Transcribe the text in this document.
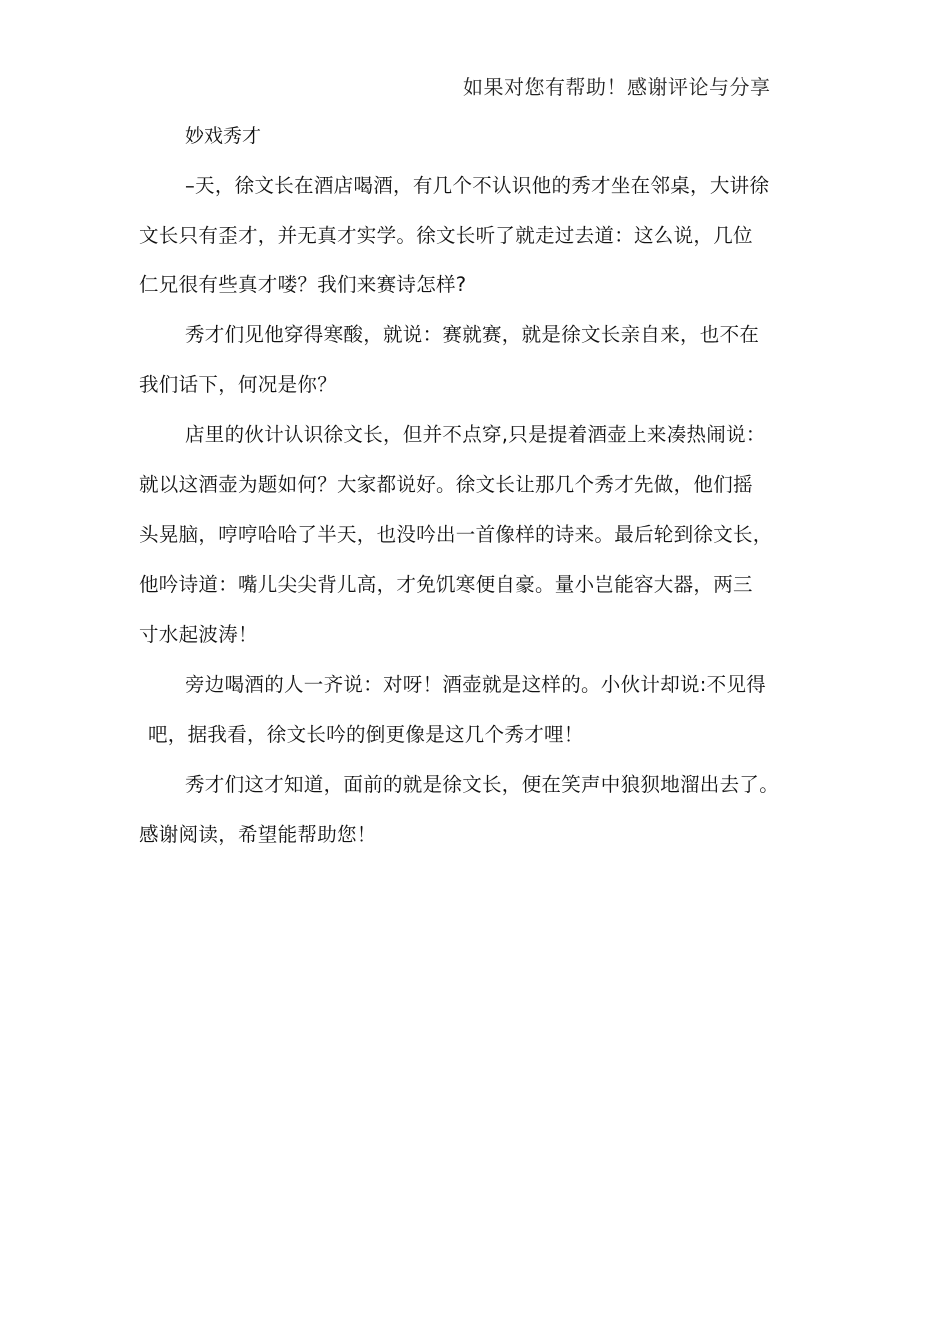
如果对您有帮助！感谢评论与分享
妙戏秀才
–天，徐文长在酒店喝酒，有几个不认识他的秀才坐在邻桌，大讲徐
文长只有歪才，并无真才实学。徐文长听了就走过去道：这么说，几位
仁兄很有些真才喽？我们来赛诗怎样?
秀才们见他穿得寒酸，就说：赛就赛，就是徐文长亲自来，也不在
我们话下，何况是你？
店里的伙计认识徐文长，但并不点穿,只是提着酒壶上来凑热闹说：
就以这酒壶为题如何？大家都说好。徐文长让那几个秀才先做，他们摇
头晃脑，哼哼哈哈了半天，也没吟出一首像样的诗来。最后轮到徐文长，
他吟诗道：嘴儿尖尖背儿高，才免饥寒便自豪。量小岂能容大器，两三
寸水起波涛！
旁边喝酒的人一齐说：对呀！酒壶就是这样的。小伙计却说:不见得
吧，据我看，徐文长吟的倒更像是这几个秀才哩！
秀才们这才知道，面前的就是徐文长，便在笑声中狼狈地溜出去了。
感谢阅读，希望能帮助您！
